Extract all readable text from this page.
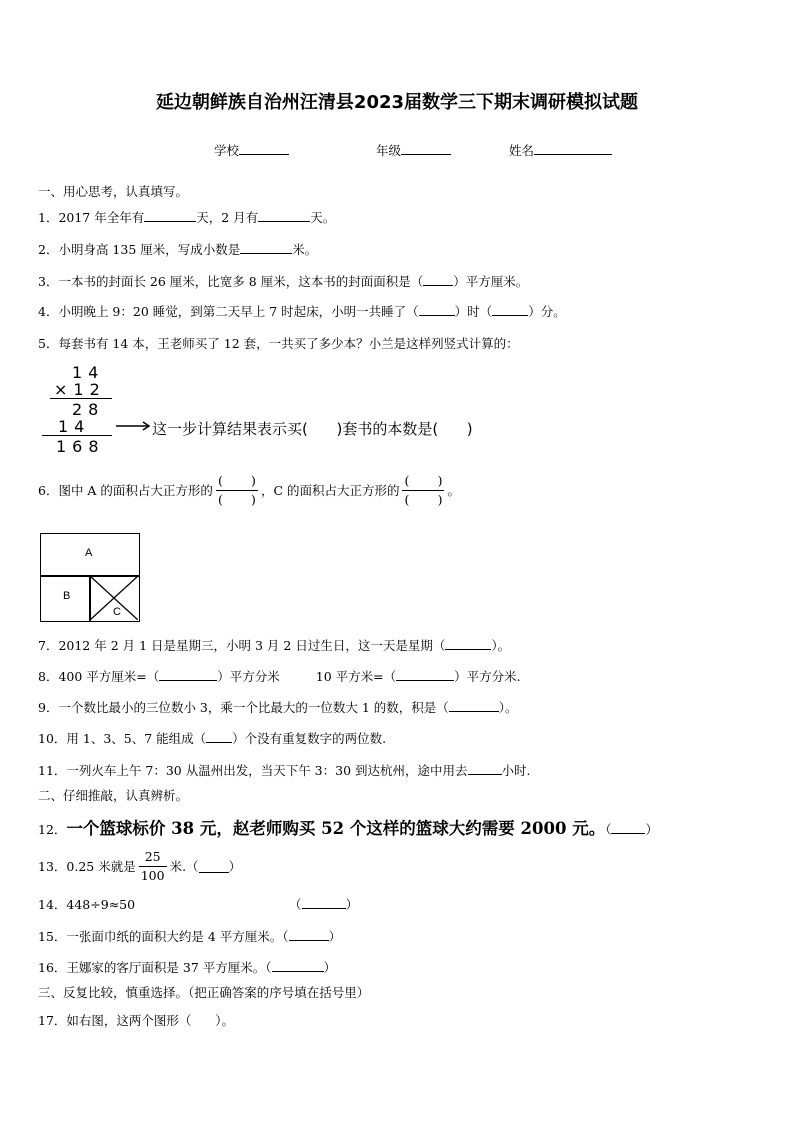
延边朝鲜族自治州汪清县2023届数学三下期末调研模拟试题
学校	年级	姓名
一、用心思考，认真填写。
1．2017 年全年有	天，2 月有	天。
2．小明身高 135 厘米，写成小数是	米。
3．一本书的封面长 26 厘米，比宽多 8 厘米，这本书的封面面积是（ ）平方厘米。
4．小明晚上 9：20 睡觉，到第二天早上 7 时起床，小明一共睡了（	）时（	）分。
5．每套书有 14 本，王老师买了 12 套，一共买了多少本？小兰是这样列竖式计算的：
14
×12
28
14
168
这一步计算结果表示买(      )套书的本数是(      )
6．图中 A 的面积占大正方形的 $\frac{( )}{( )}$ ，C 的面积占大正方形的 $\frac{( )}{( )}$ 。
A
B
C
7．2012 年 2 月 1 日是星期三，小明 3 月 2 日过生日，这一天是星期（	）。
8．400 平方厘米=（	）平方分米	10 平方米=（	）平方分米.
9．一个数比最小的三位数小 3，乘一个比最大的一位数大 1 的数，积是（	）。
10．用 1、3、5、7 能组成（ ）个没有重复数字的两位数.
11．一列火车上午 7：30 从温州出发，当天下午 3：30 到达杭州，途中用去	小时.
二、仔细推敲，认真辨析。
12．一个篮球标价 38 元，赵老师购买 52 个这样的篮球大约需要 2000 元。（	）
13．0.25 米就是 $\frac{25}{100}$ 米.（ ）
14．448÷9≈50	（	）
15．一张面巾纸的面积大约是 4 平方厘米。（	）
16．王娜家的客厅面积是 37 平方厘米。（	）
三、反复比较，慎重选择。（把正确答案的序号填在括号里）
17．如右图，这两个图形（      ）。
